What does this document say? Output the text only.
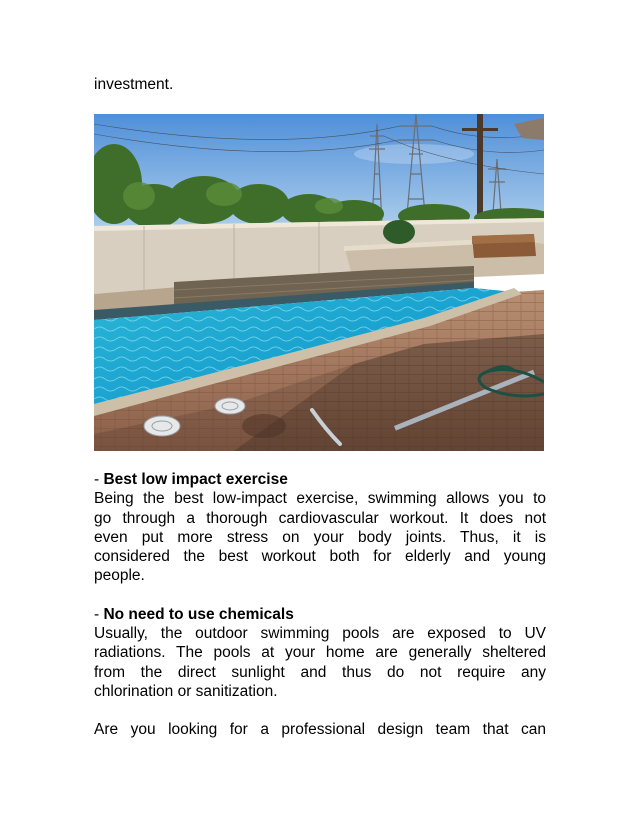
investment.
- Best low impact exercise
Being the best low-impact exercise, swimming allows you to
go through a thorough cardiovascular workout. It does not
even put more stress on your body joints. Thus, it is
considered the best workout both for elderly and young
people.
- No need to use chemicals
Usually, the outdoor swimming pools are exposed to UV
radiations. The pools at your home are generally sheltered
from the direct sunlight and thus do not require any
chlorination or sanitization.
Are you looking for a professional design team that can
